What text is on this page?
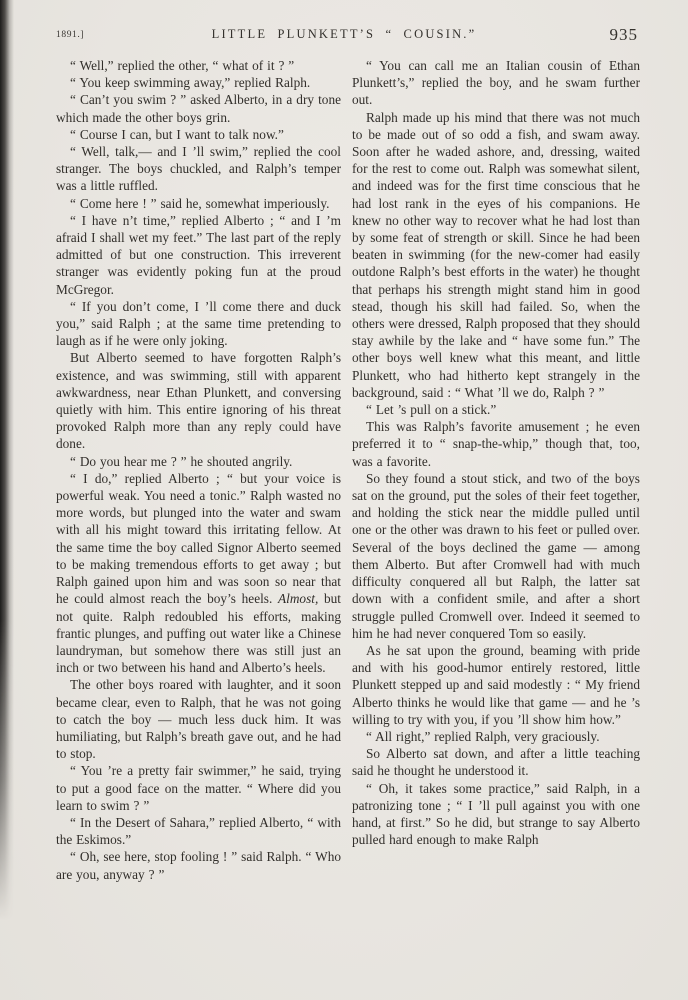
1891.]	LITTLE PLUNKETT’S “ COUSIN.”	935

“ Well,” replied the other, “ what of it ? ”

“ You keep swimming away,” replied Ralph.

“ Can’t you swim ? ” asked Alberto, in a dry tone which made the other boys grin.

“ Course I can, but I want to talk now.”

“ Well, talk,— and I ’ll swim,” replied the cool stranger. The boys chuckled, and Ralph’s temper was a little ruffled.

“ Come here ! ” said he, somewhat imperiously.

“ I have n’t time,” replied Alberto ; “ and I ’m afraid I shall wet my feet.” The last part of the reply admitted of but one construction. This irreverent stranger was evidently poking fun at the proud McGregor.

“ If you don’t come, I ’ll come there and duck you,” said Ralph ; at the same time pretending to laugh as if he were only joking.

But Alberto seemed to have forgotten Ralph’s existence, and was swimming, still with apparent awkwardness, near Ethan Plunkett, and conversing quietly with him. This entire ignoring of his threat provoked Ralph more than any reply could have done.

“ Do you hear me ? ” he shouted angrily.

“ I do,” replied Alberto ; “ but your voice is powerful weak. You need a tonic.” Ralph wasted no more words, but plunged into the water and swam with all his might toward this irritating fellow. At the same time the boy called Signor Alberto seemed to be making tremendous efforts to get away ; but Ralph gained upon him and was soon so near that he could almost reach the boy’s heels. Almost, but not quite. Ralph redoubled his efforts, making frantic plunges, and puffing out water like a Chinese laundryman, but somehow there was still just an inch or two between his hand and Alberto’s heels.

The other boys roared with laughter, and it soon became clear, even to Ralph, that he was not going to catch the boy — much less duck him. It was humiliating, but Ralph’s breath gave out, and he had to stop.

“ You ’re a pretty fair swimmer,” he said, trying to put a good face on the matter. “ Where did you learn to swim ? ”

“ In the Desert of Sahara,” replied Alberto, “ with the Eskimos.”

“ Oh, see here, stop fooling ! ” said Ralph. “ Who are you, anyway ? ”

“ You can call me an Italian cousin of Ethan Plunkett’s,” replied the boy, and he swam further out.

Ralph made up his mind that there was not much to be made out of so odd a fish, and swam away. Soon after he waded ashore, and, dressing, waited for the rest to come out. Ralph was somewhat silent, and indeed was for the first time conscious that he had lost rank in the eyes of his companions. He knew no other way to recover what he had lost than by some feat of strength or skill. Since he had been beaten in swimming (for the new-comer had easily outdone Ralph’s best efforts in the water) he thought that perhaps his strength might stand him in good stead, though his skill had failed. So, when the others were dressed, Ralph proposed that they should stay awhile by the lake and “ have some fun.” The other boys well knew what this meant, and little Plunkett, who had hitherto kept strangely in the background, said : “ What ’ll we do, Ralph ? ”

“ Let ’s pull on a stick.”

This was Ralph’s favorite amusement ; he even preferred it to “ snap-the-whip,” though that, too, was a favorite.

So they found a stout stick, and two of the boys sat on the ground, put the soles of their feet together, and holding the stick near the middle pulled until one or the other was drawn to his feet or pulled over. Several of the boys declined the game — among them Alberto. But after Cromwell had with much difficulty conquered all but Ralph, the latter sat down with a confident smile, and after a short struggle pulled Cromwell over. Indeed it seemed to him he had never conquered Tom so easily.

As he sat upon the ground, beaming with pride and with his good-humor entirely restored, little Plunkett stepped up and said modestly : “ My friend Alberto thinks he would like that game — and he ’s willing to try with you, if you ’ll show him how.”

“ All right,” replied Ralph, very graciously.

So Alberto sat down, and after a little teaching said he thought he understood it.

“ Oh, it takes some practice,” said Ralph, in a patronizing tone ; “ I ’ll pull against you with one hand, at first.” So he did, but strange to say Alberto pulled hard enough to make Ralph
